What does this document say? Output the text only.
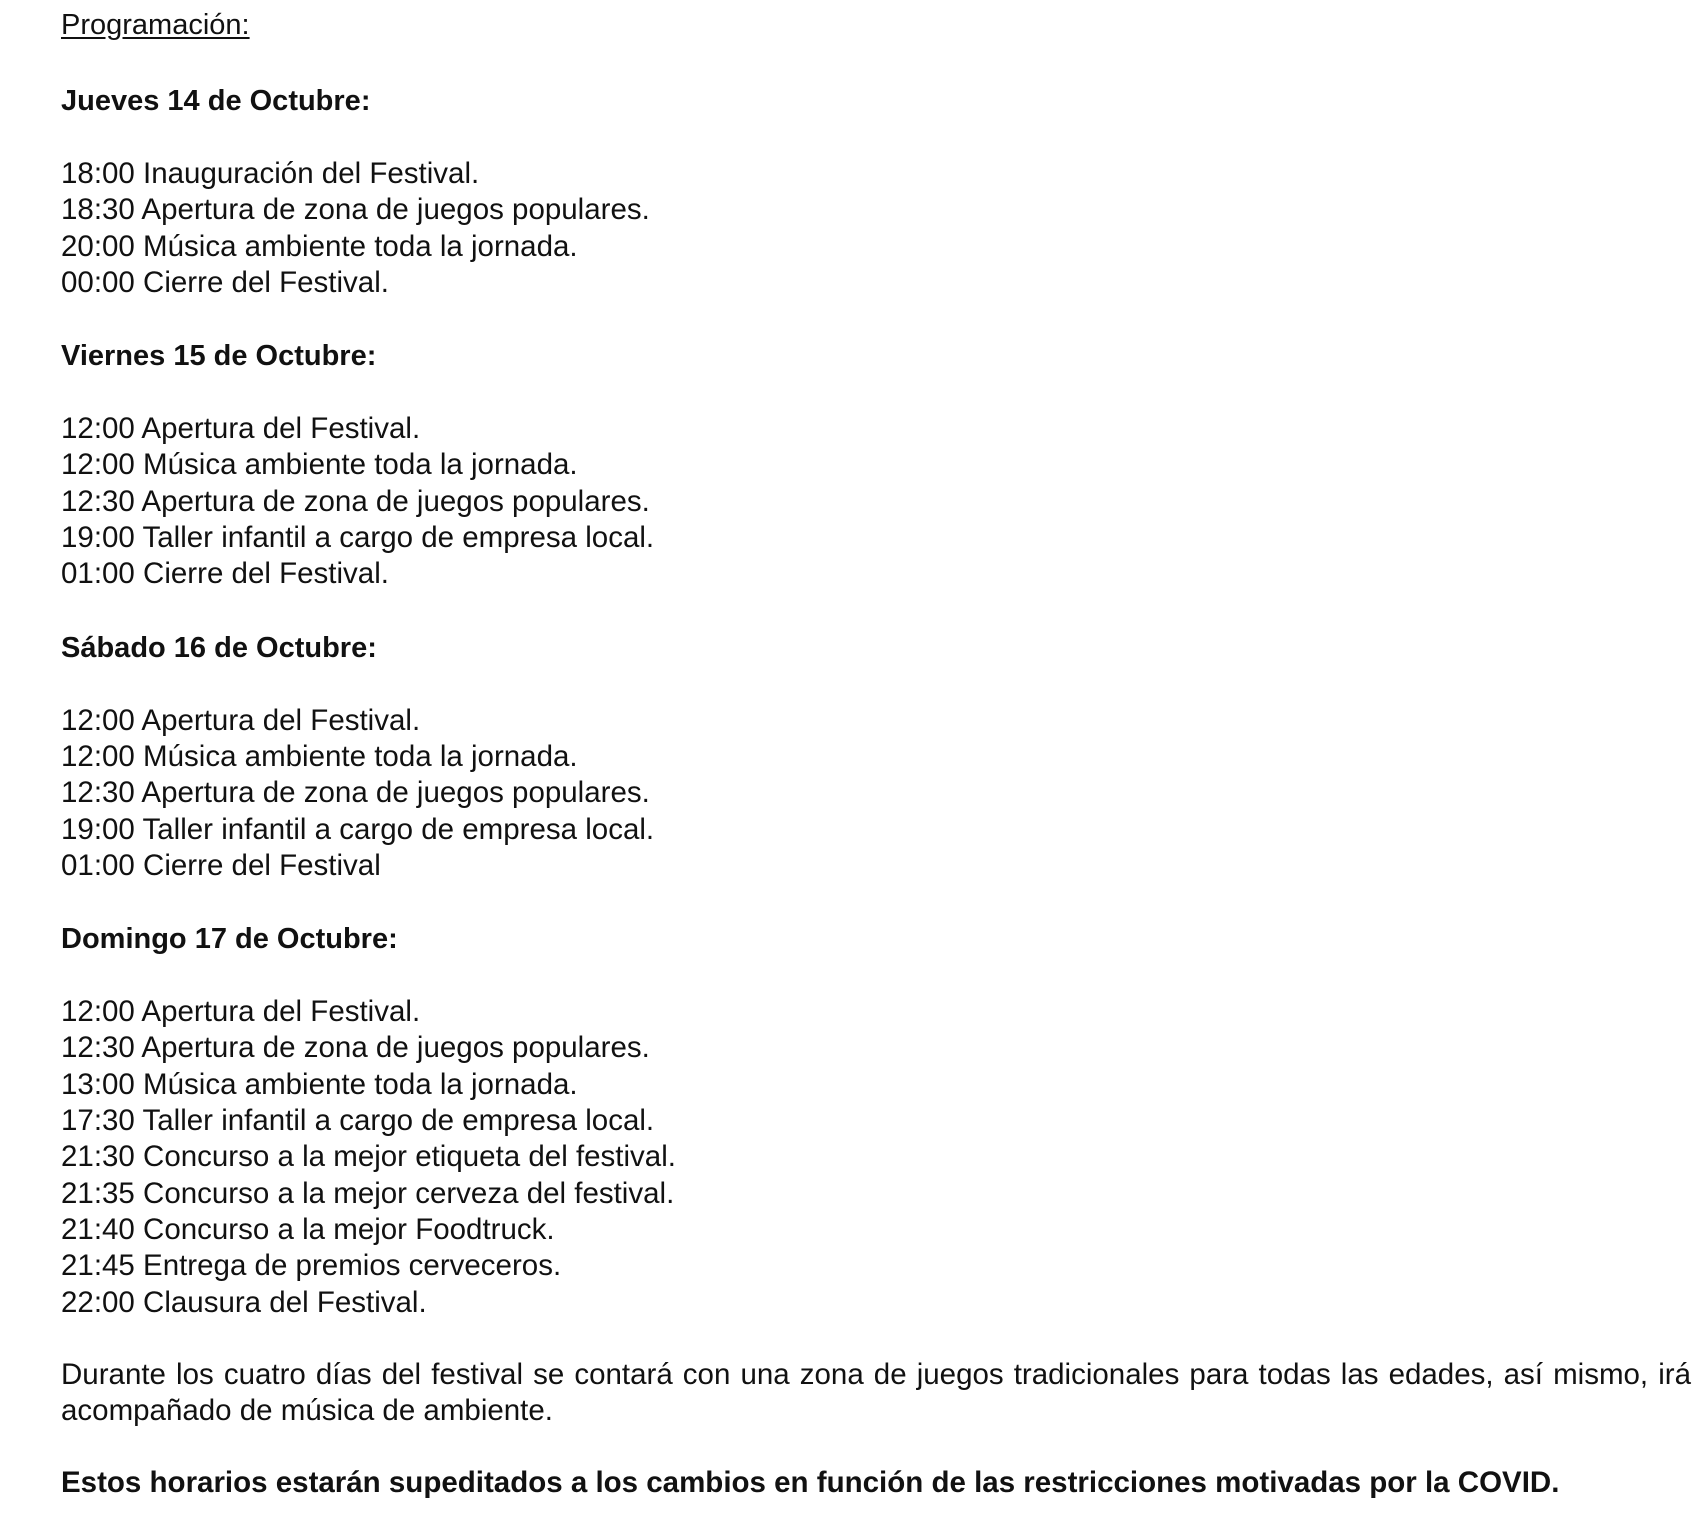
Programación:
Jueves 14 de Octubre:
18:00 Inauguración del Festival.
18:30 Apertura de zona de juegos populares.
20:00 Música ambiente toda la jornada.
00:00 Cierre del Festival.
Viernes 15 de Octubre:
12:00 Apertura del Festival.
12:00 Música ambiente toda la jornada.
12:30 Apertura de zona de juegos populares.
19:00 Taller infantil a cargo de empresa local.
01:00 Cierre del Festival.
Sábado 16 de Octubre:
12:00 Apertura del Festival.
12:00 Música ambiente toda la jornada.
12:30 Apertura de zona de juegos populares.
19:00 Taller infantil a cargo de empresa local.
01:00 Cierre del Festival
Domingo 17 de Octubre:
12:00 Apertura del Festival.
12:30 Apertura de zona de juegos populares.
13:00 Música ambiente toda la jornada.
17:30 Taller infantil a cargo de empresa local.
21:30 Concurso a la mejor etiqueta del festival.
21:35 Concurso a la mejor cerveza del festival.
21:40 Concurso a la mejor Foodtruck.
21:45 Entrega de premios cerveceros.
22:00 Clausura del Festival.

Durante los cuatro días del festival se contará con una zona de juegos tradicionales para todas las edades, así mismo, irá acompañado de música de ambiente.

Estos horarios estarán supeditados a los cambios en función de las restricciones motivadas por la COVID.
